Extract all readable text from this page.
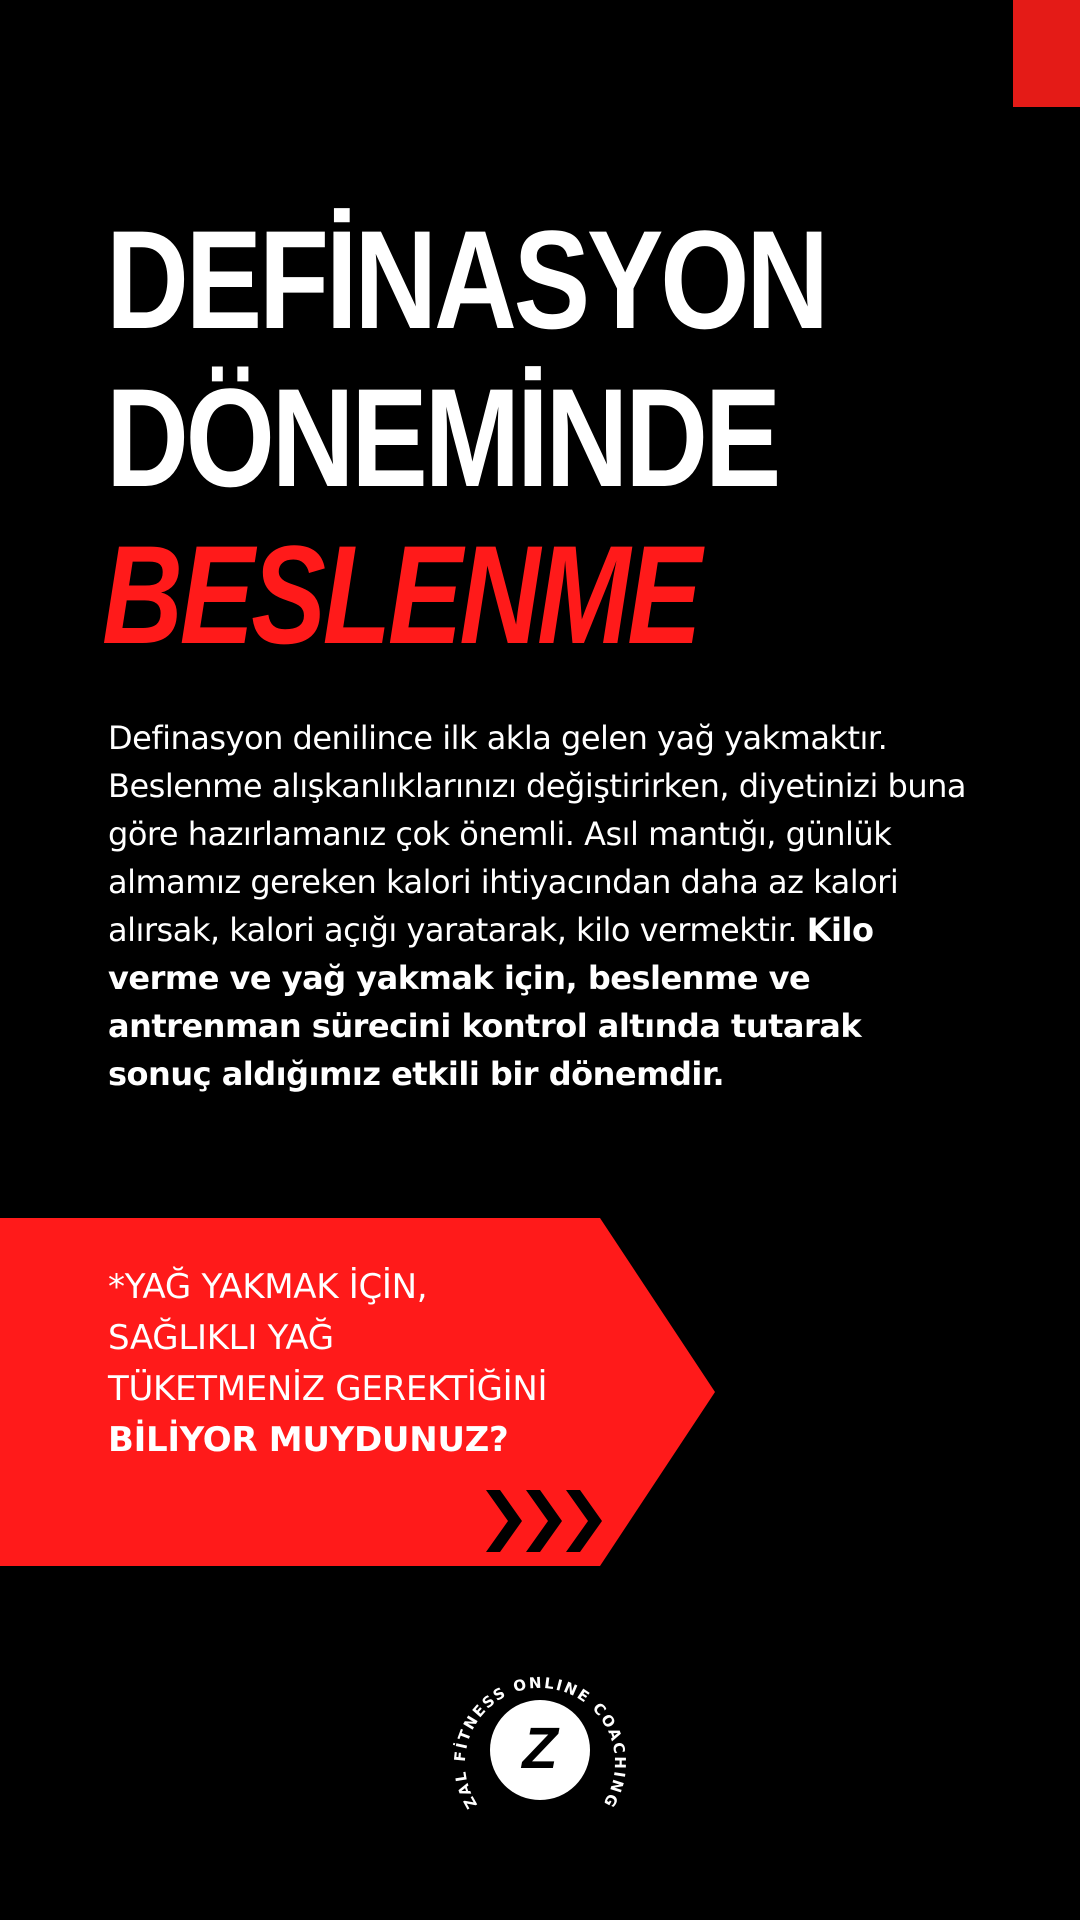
DEFİNASYON
DÖNEMİNDE
BESLENME

Definasyon denilince ilk akla gelen yağ yakmaktır. Beslenme alışkanlıklarınızı değiştirirken, diyetinizi buna göre hazırlamanız çok önemli. Asıl mantığı, günlük almamız gereken kalori ihtiyacından daha az kalori alırsak, kalori açığı yaratarak, kilo vermektir. Kilo verme ve yağ yakmak için, beslenme ve antrenman sürecini kontrol altında tutarak sonuç aldığımız etkili bir dönemdir.

*YAĞ YAKMAK İÇİN,
SAĞLIKLI YAĞ
TÜKETMENİZ GEREKTİĞİNİ
BİLİYOR MUYDUNUZ?
Z
ZAL FİTNESS ONLINE COACHING
